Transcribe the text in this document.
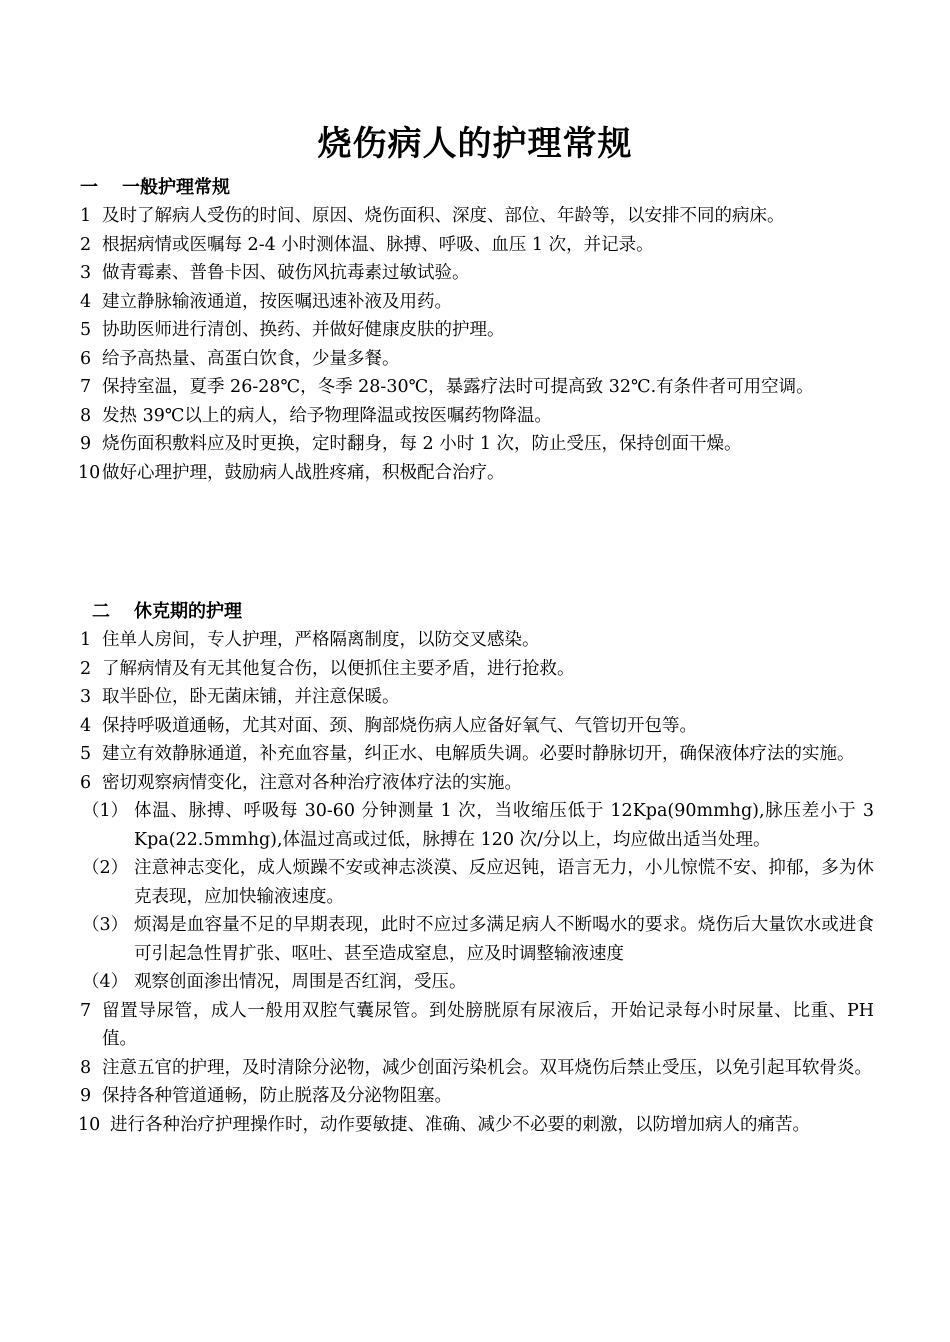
烧伤病人的护理常规
一 一般护理常规
1 及时了解病人受伤的时间、原因、烧伤面积、深度、部位、年龄等，以安排不同的病床。
2 根据病情或医嘱每 2-4 小时测体温、脉搏、呼吸、血压 1 次，并记录。
3 做青霉素、普鲁卡因、破伤风抗毒素过敏试验。
4 建立静脉输液通道，按医嘱迅速补液及用药。
5 协助医师进行清创、换药、并做好健康皮肤的护理。
6 给予高热量、高蛋白饮食，少量多餐。
7 保持室温，夏季 26-28℃，冬季 28-30℃，暴露疗法时可提高致 32℃.有条件者可用空调。
8 发热 39℃以上的病人，给予物理降温或按医嘱药物降温。
9 烧伤面积敷料应及时更换，定时翻身，每 2 小时 1 次，防止受压，保持创面干燥。
10 做好心理护理，鼓励病人战胜疼痛，积极配合治疗。
二 休克期的护理
1 住单人房间，专人护理，严格隔离制度，以防交叉感染。
2 了解病情及有无其他复合伤，以便抓住主要矛盾，进行抢救。
3 取半卧位，卧无菌床铺，并注意保暖。
4 保持呼吸道通畅，尤其对面、颈、胸部烧伤病人应备好氧气、气管切开包等。
5 建立有效静脉通道，补充血容量，纠正水、电解质失调。必要时静脉切开，确保液体疗法的实施。
6 密切观察病情变化，注意对各种治疗液体疗法的实施。
（1） 体温、脉搏、呼吸每 30-60 分钟测量 1 次，当收缩压低于 12Kpa(90mmhg),脉压差小于 3 Kpa(22.5mmhg),体温过高或过低，脉搏在 120 次/分以上，均应做出适当处理。
（2） 注意神志变化，成人烦躁不安或神志淡漠、反应迟钝，语言无力，小儿惊慌不安、抑郁，多为休克表现，应加快输液速度。
（3） 烦渴是血容量不足的早期表现，此时不应过多满足病人不断喝水的要求。烧伤后大量饮水或进食可引起急性胃扩张、呕吐、甚至造成窒息，应及时调整输液速度
（4） 观察创面渗出情况，周围是否红润，受压。
7 留置导尿管，成人一般用双腔气囊尿管。到处膀胱原有尿液后，开始记录每小时尿量、比重、PH 值。
8 注意五官的护理，及时清除分泌物，减少创面污染机会。双耳烧伤后禁止受压，以免引起耳软骨炎。
9 保持各种管道通畅，防止脱落及分泌物阻塞。
10 进行各种治疗护理操作时，动作要敏捷、准确、减少不必要的刺激，以防增加病人的痛苦。
